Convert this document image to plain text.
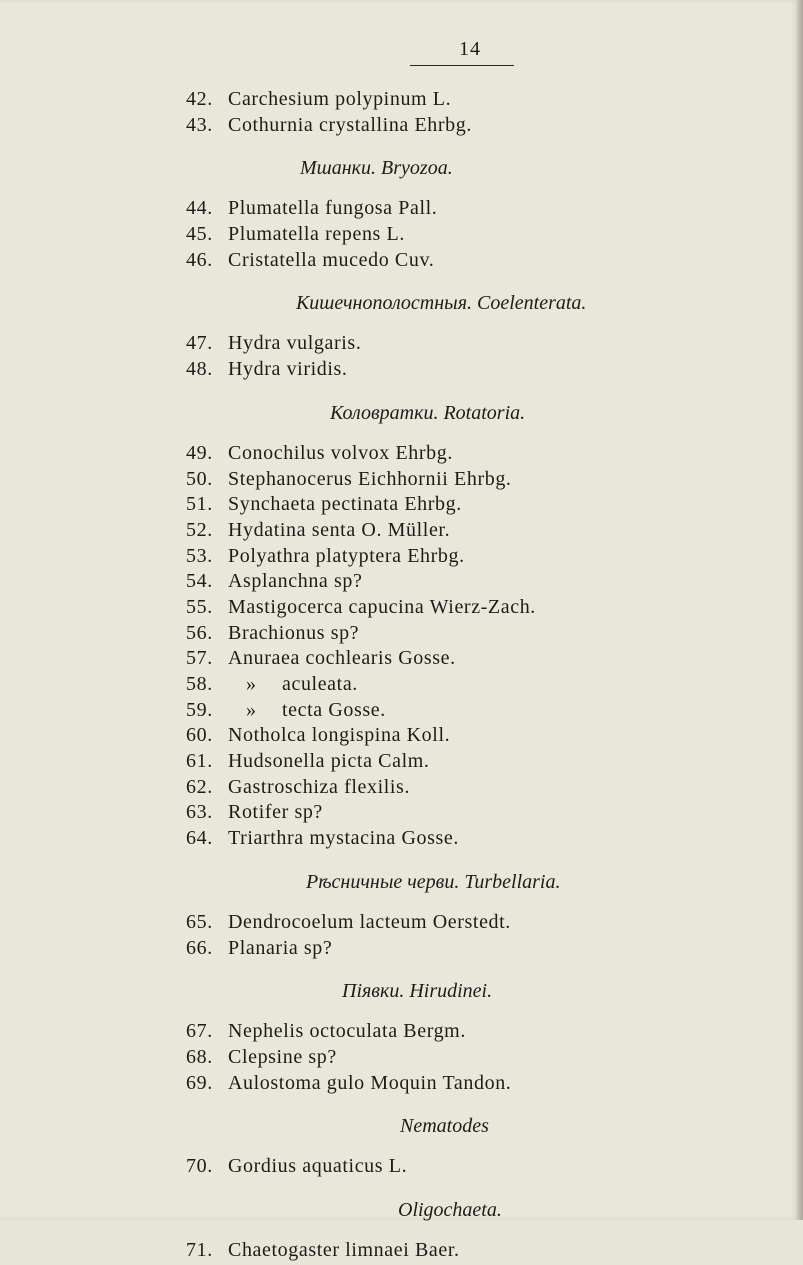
14
42. Carchesium polypinum L.
43. Cothurnia crystallina Ehrbg.
Мшанки. Bryozoa.
44. Plumatella fungosa Pall.
45. Plumatella repens L.
46. Cristatella mucedo Cuv.
Кишечнополостныя. Coelenterata.
47. Hydra vulgaris.
48. Hydra viridis.
Коловратки. Rotatoria.
49. Conochilus volvox Ehrbg.
50. Stephanocerus Eichhornii Ehrbg.
51. Synchaeta pectinata Ehrbg.
52. Hydatina senta O. Müller.
53. Polyathra platyptera Ehrbg.
54. Asplanchna sp?
55. Mastigocerca capucina Wierz-Zach.
56. Brachionus sp?
57. Anuraea cochlearis Gosse.
58.	»	aculeata.
59.	»	tecta Gosse.
60. Notholca longispina Koll.
61. Hudsonella picta Calm.
62. Gastroschiza flexilis.
63. Rotifer sp?
64. Triarthra mystacina Gosse.
Рѣсничные черви. Turbellaria.
65. Dendrocoelum lacteum Oerstedt.
66. Planaria sp?
Піявки. Hirudinei.
67. Nephelis octoculata Bergm.
68. Clepsine sp?
69. Aulostoma gulo Moquin Tandon.
Nematodes
70. Gordius aquaticus L.
Oligochaeta.
71. Chaetogaster limnaei Baer.
